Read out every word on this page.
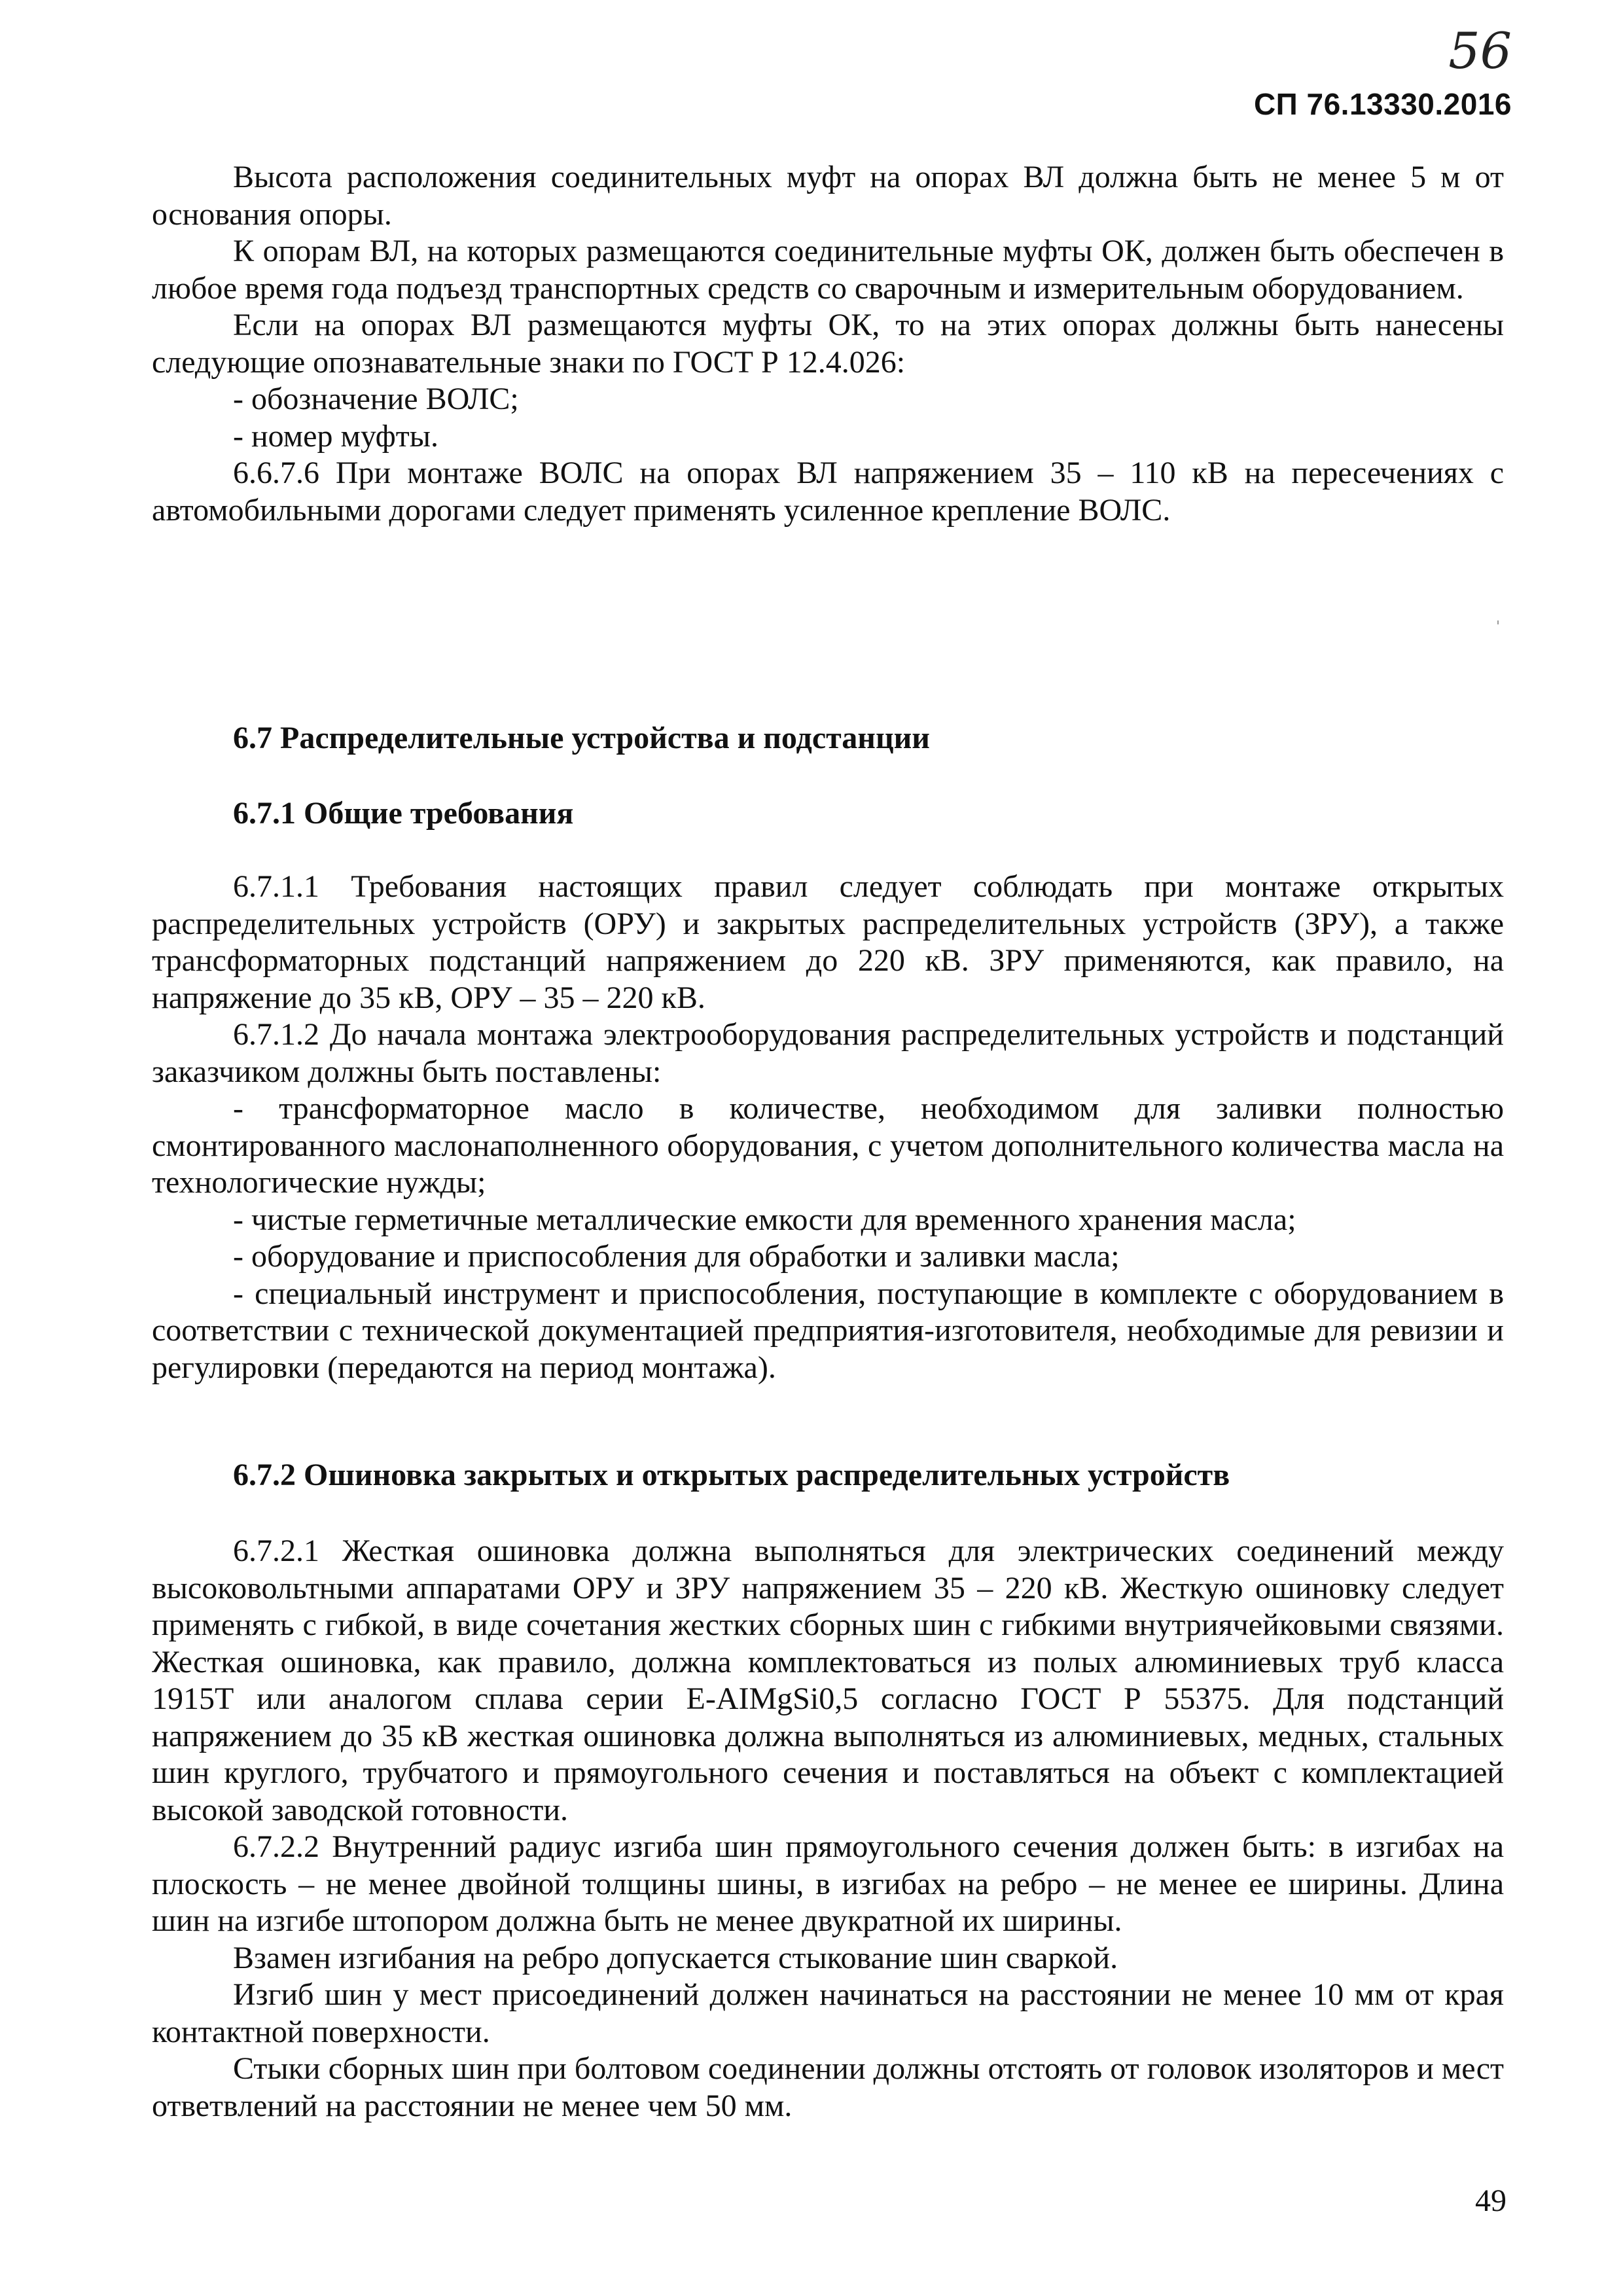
56
СП 76.13330.2016

Высота расположения соединительных муфт на опорах ВЛ должна быть не менее 5 м от основания опоры.

К опорам ВЛ, на которых размещаются соединительные муфты ОК, должен быть обеспечен в любое время года подъезд транспортных средств со сварочным и измерительным оборудованием.

Если на опорах ВЛ размещаются муфты ОК, то на этих опорах должны быть нанесены следующие опознавательные знаки по ГОСТ Р 12.4.026:

- обозначение ВОЛС;

- номер муфты.

6.6.7.6 При монтаже ВОЛС на опорах ВЛ напряжением 35 – 110 кВ на пересечениях с автомобильными дорогами следует применять усиленное крепление ВОЛС.

6.7 Распределительные устройства и подстанции
6.7.1 Общие требования

6.7.1.1 Требования настоящих правил следует соблюдать при монтаже открытых распределительных устройств (ОРУ) и закрытых распределительных устройств (ЗРУ), а также трансформаторных подстанций напряжением до 220 кВ. ЗРУ применяются, как правило, на напряжение до 35 кВ, ОРУ – 35 – 220 кВ.

6.7.1.2 До начала монтажа электрооборудования распределительных устройств и подстанций заказчиком должны быть поставлены:

- трансформаторное масло в количестве, необходимом для заливки полностью смонтированного маслонаполненного оборудования, с учетом дополнительного количества масла на технологические нужды;

- чистые герметичные металлические емкости для временного хранения масла;

- оборудование и приспособления для обработки и заливки масла;

- специальный инструмент и приспособления, поступающие в комплекте с оборудованием в соответствии с технической документацией предприятия-изготовителя, необходимые для ревизии и регулировки (передаются на период монтажа).

6.7.2 Ошиновка закрытых и открытых распределительных устройств

6.7.2.1 Жесткая ошиновка должна выполняться для электрических соединений между высоковольтными аппаратами ОРУ и ЗРУ напряжением 35 – 220 кВ. Жесткую ошиновку следует применять с гибкой, в виде сочетания жестких сборных шин с гибкими внутриячейковыми связями. Жесткая ошиновка, как правило, должна комплектоваться из полых алюминиевых труб класса 1915Т или аналогом сплава серии E-AIMgSi0,5 согласно ГОСТ Р 55375. Для подстанций напряжением до 35 кВ жесткая ошиновка должна выполняться из алюминиевых, медных, стальных шин круглого, трубчатого и прямоугольного сечения и поставляться на объект с комплектацией высокой заводской готовности.

6.7.2.2 Внутренний радиус изгиба шин прямоугольного сечения должен быть: в изгибах на плоскость – не менее двойной толщины шины, в изгибах на ребро – не менее ее ширины. Длина шин на изгибе штопором должна быть не менее двукратной их ширины.

Взамен изгибания на ребро допускается стыкование шин сваркой.

Изгиб шин у мест присоединений должен начинаться на расстоянии не менее 10 мм от края контактной поверхности.

Стыки сборных шин при болтовом соединении должны отстоять от головок изоляторов и мест ответвлений на расстоянии не менее чем 50 мм.

49
